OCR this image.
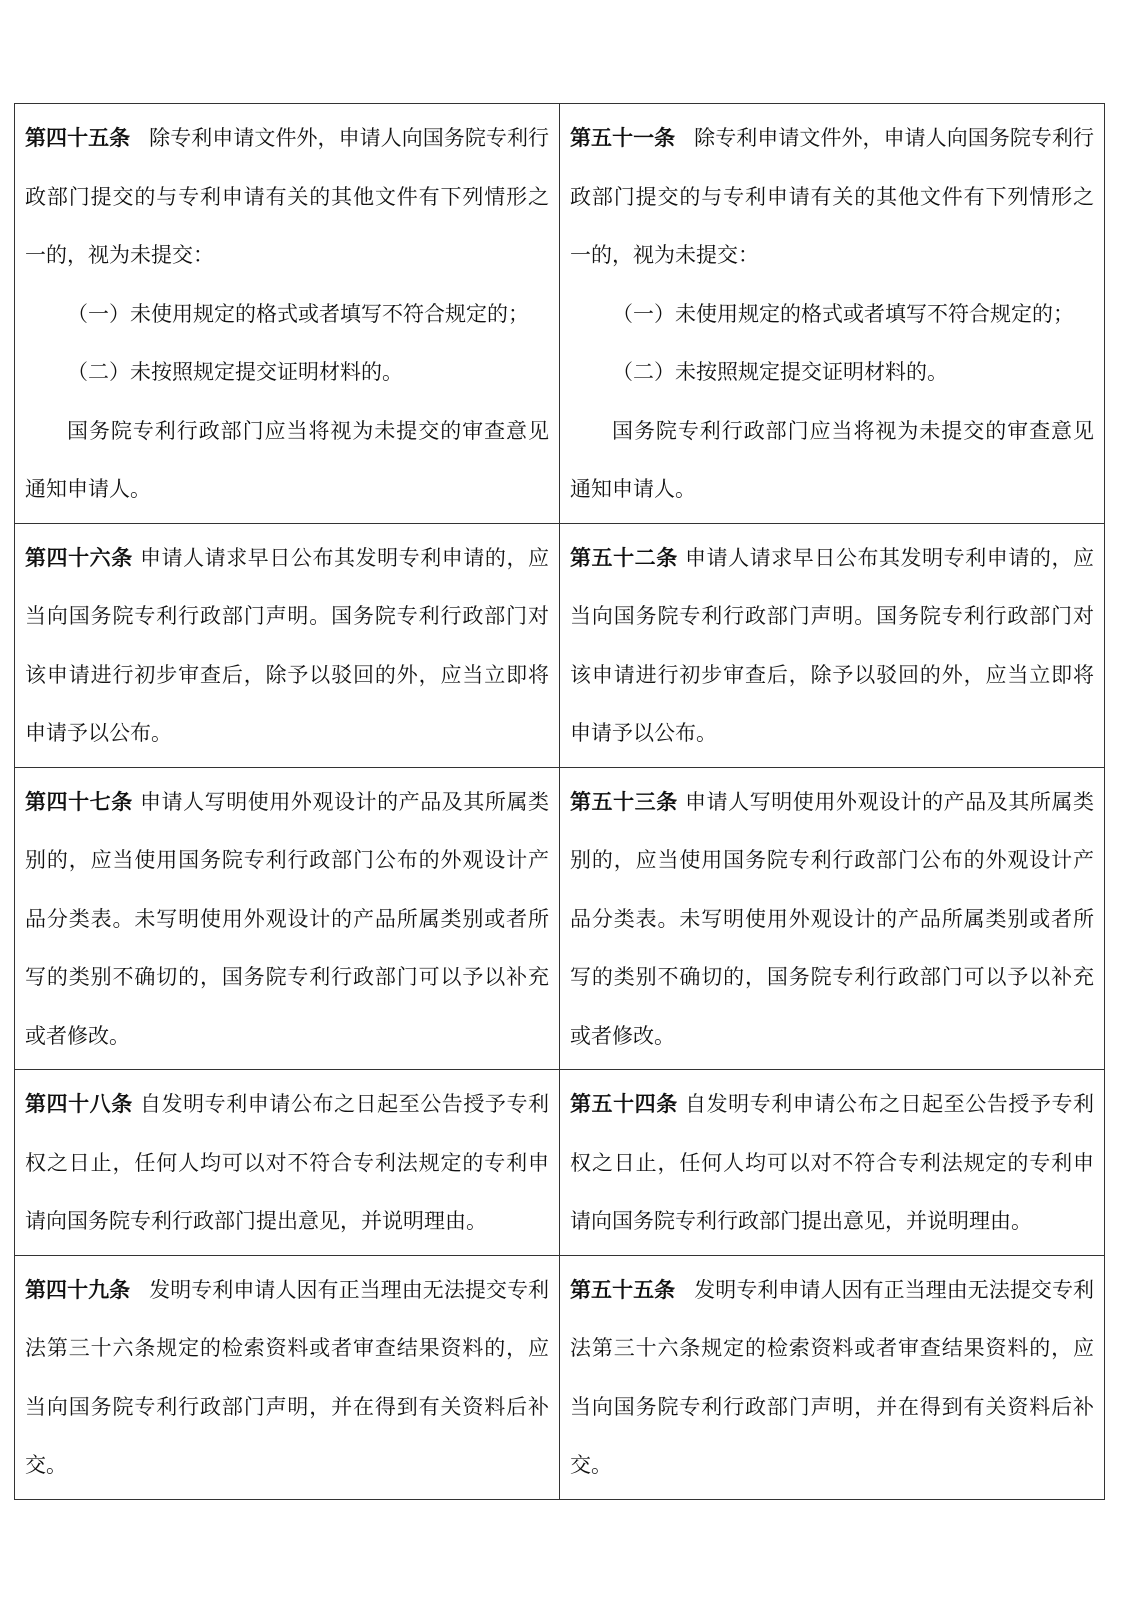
第四十五条 除专利申请文件外，申请人向国务院专利行政部门提交的与专利申请有关的其他文件有下列情形之一的，视为未提交：

（一）未使用规定的格式或者填写不符合规定的；

（二）未按照规定提交证明材料的。

国务院专利行政部门应当将视为未提交的审查意见通知申请人。

第五十一条 除专利申请文件外，申请人向国务院专利行政部门提交的与专利申请有关的其他文件有下列情形之一的，视为未提交：

（一）未使用规定的格式或者填写不符合规定的；

（二）未按照规定提交证明材料的。

国务院专利行政部门应当将视为未提交的审查意见通知申请人。

第四十六条 申请人请求早日公布其发明专利申请的，应当向国务院专利行政部门声明。国务院专利行政部门对该申请进行初步审查后，除予以驳回的外，应当立即将申请予以公布。

第五十二条 申请人请求早日公布其发明专利申请的，应当向国务院专利行政部门声明。国务院专利行政部门对该申请进行初步审查后，除予以驳回的外，应当立即将申请予以公布。

第四十七条 申请人写明使用外观设计的产品及其所属类别的，应当使用国务院专利行政部门公布的外观设计产品分类表。未写明使用外观设计的产品所属类别或者所写的类别不确切的，国务院专利行政部门可以予以补充或者修改。

第五十三条 申请人写明使用外观设计的产品及其所属类别的，应当使用国务院专利行政部门公布的外观设计产品分类表。未写明使用外观设计的产品所属类别或者所写的类别不确切的，国务院专利行政部门可以予以补充或者修改。

第四十八条 自发明专利申请公布之日起至公告授予专利权之日止，任何人均可以对不符合专利法规定的专利申请向国务院专利行政部门提出意见，并说明理由。

第五十四条 自发明专利申请公布之日起至公告授予专利权之日止，任何人均可以对不符合专利法规定的专利申请向国务院专利行政部门提出意见，并说明理由。

第四十九条 发明专利申请人因有正当理由无法提交专利法第三十六条规定的检索资料或者审查结果资料的，应当向国务院专利行政部门声明，并在得到有关资料后补交。

第五十五条 发明专利申请人因有正当理由无法提交专利法第三十六条规定的检索资料或者审查结果资料的，应当向国务院专利行政部门声明，并在得到有关资料后补交。
